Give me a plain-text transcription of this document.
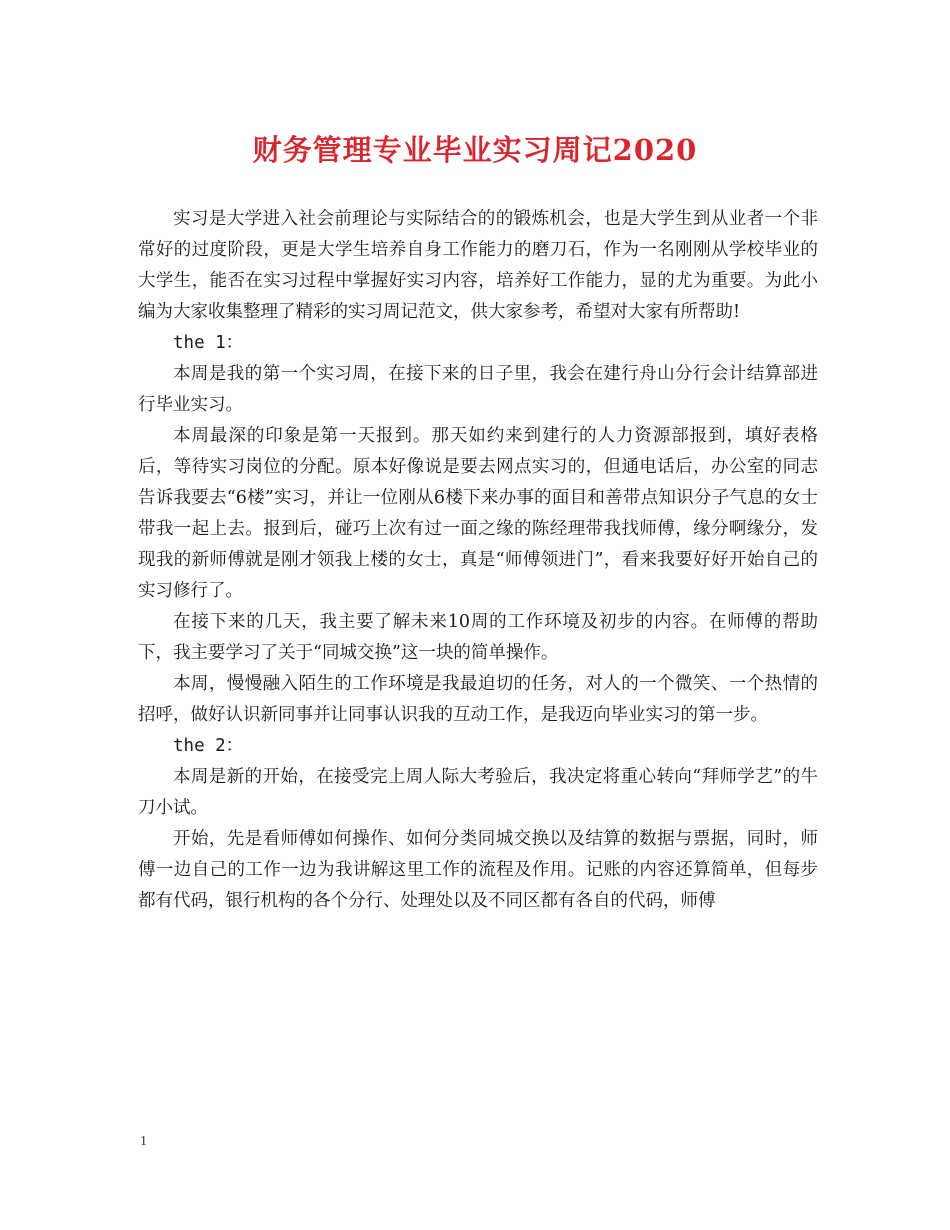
财务管理专业毕业实习周记2020

实习是大学进入社会前理论与实际结合的的锻炼机会，也是大学生到从业者一个非常好的过度阶段，更是大学生培养自身工作能力的磨刀石，作为一名刚刚从学校毕业的大学生，能否在实习过程中掌握好实习内容，培养好工作能力，显的尤为重要。为此小编为大家收集整理了精彩的实习周记范文，供大家参考，希望对大家有所帮助!

the 1：

本周是我的第一个实习周，在接下来的日子里，我会在建行舟山分行会计结算部进行毕业实习。

本周最深的印象是第一天报到。那天如约来到建行的人力资源部报到，填好表格后，等待实习岗位的分配。原本好像说是要去网点实习的，但通电话后，办公室的同志告诉我要去“6楼”实习，并让一位刚从6楼下来办事的面目和善带点知识分子气息的女士带我一起上去。报到后，碰巧上次有过一面之缘的陈经理带我找师傅，缘分啊缘分，发现我的新师傅就是刚才领我上楼的女士，真是“师傅领进门”，看来我要好好开始自己的实习修行了。

在接下来的几天，我主要了解未来10周的工作环境及初步的内容。在师傅的帮助下，我主要学习了关于“同城交换”这一块的简单操作。

本周，慢慢融入陌生的工作环境是我最迫切的任务，对人的一个微笑、一个热情的招呼，做好认识新同事并让同事认识我的互动工作，是我迈向毕业实习的第一步。

the 2：

本周是新的开始，在接受完上周人际大考验后，我决定将重心转向“拜师学艺”的牛刀小试。

开始，先是看师傅如何操作、如何分类同城交换以及结算的数据与票据，同时，师傅一边自己的工作一边为我讲解这里工作的流程及作用。记账的内容还算简单，但每步都有代码，银行机构的各个分行、处理处以及不同区都有各自的代码，师傅

1
